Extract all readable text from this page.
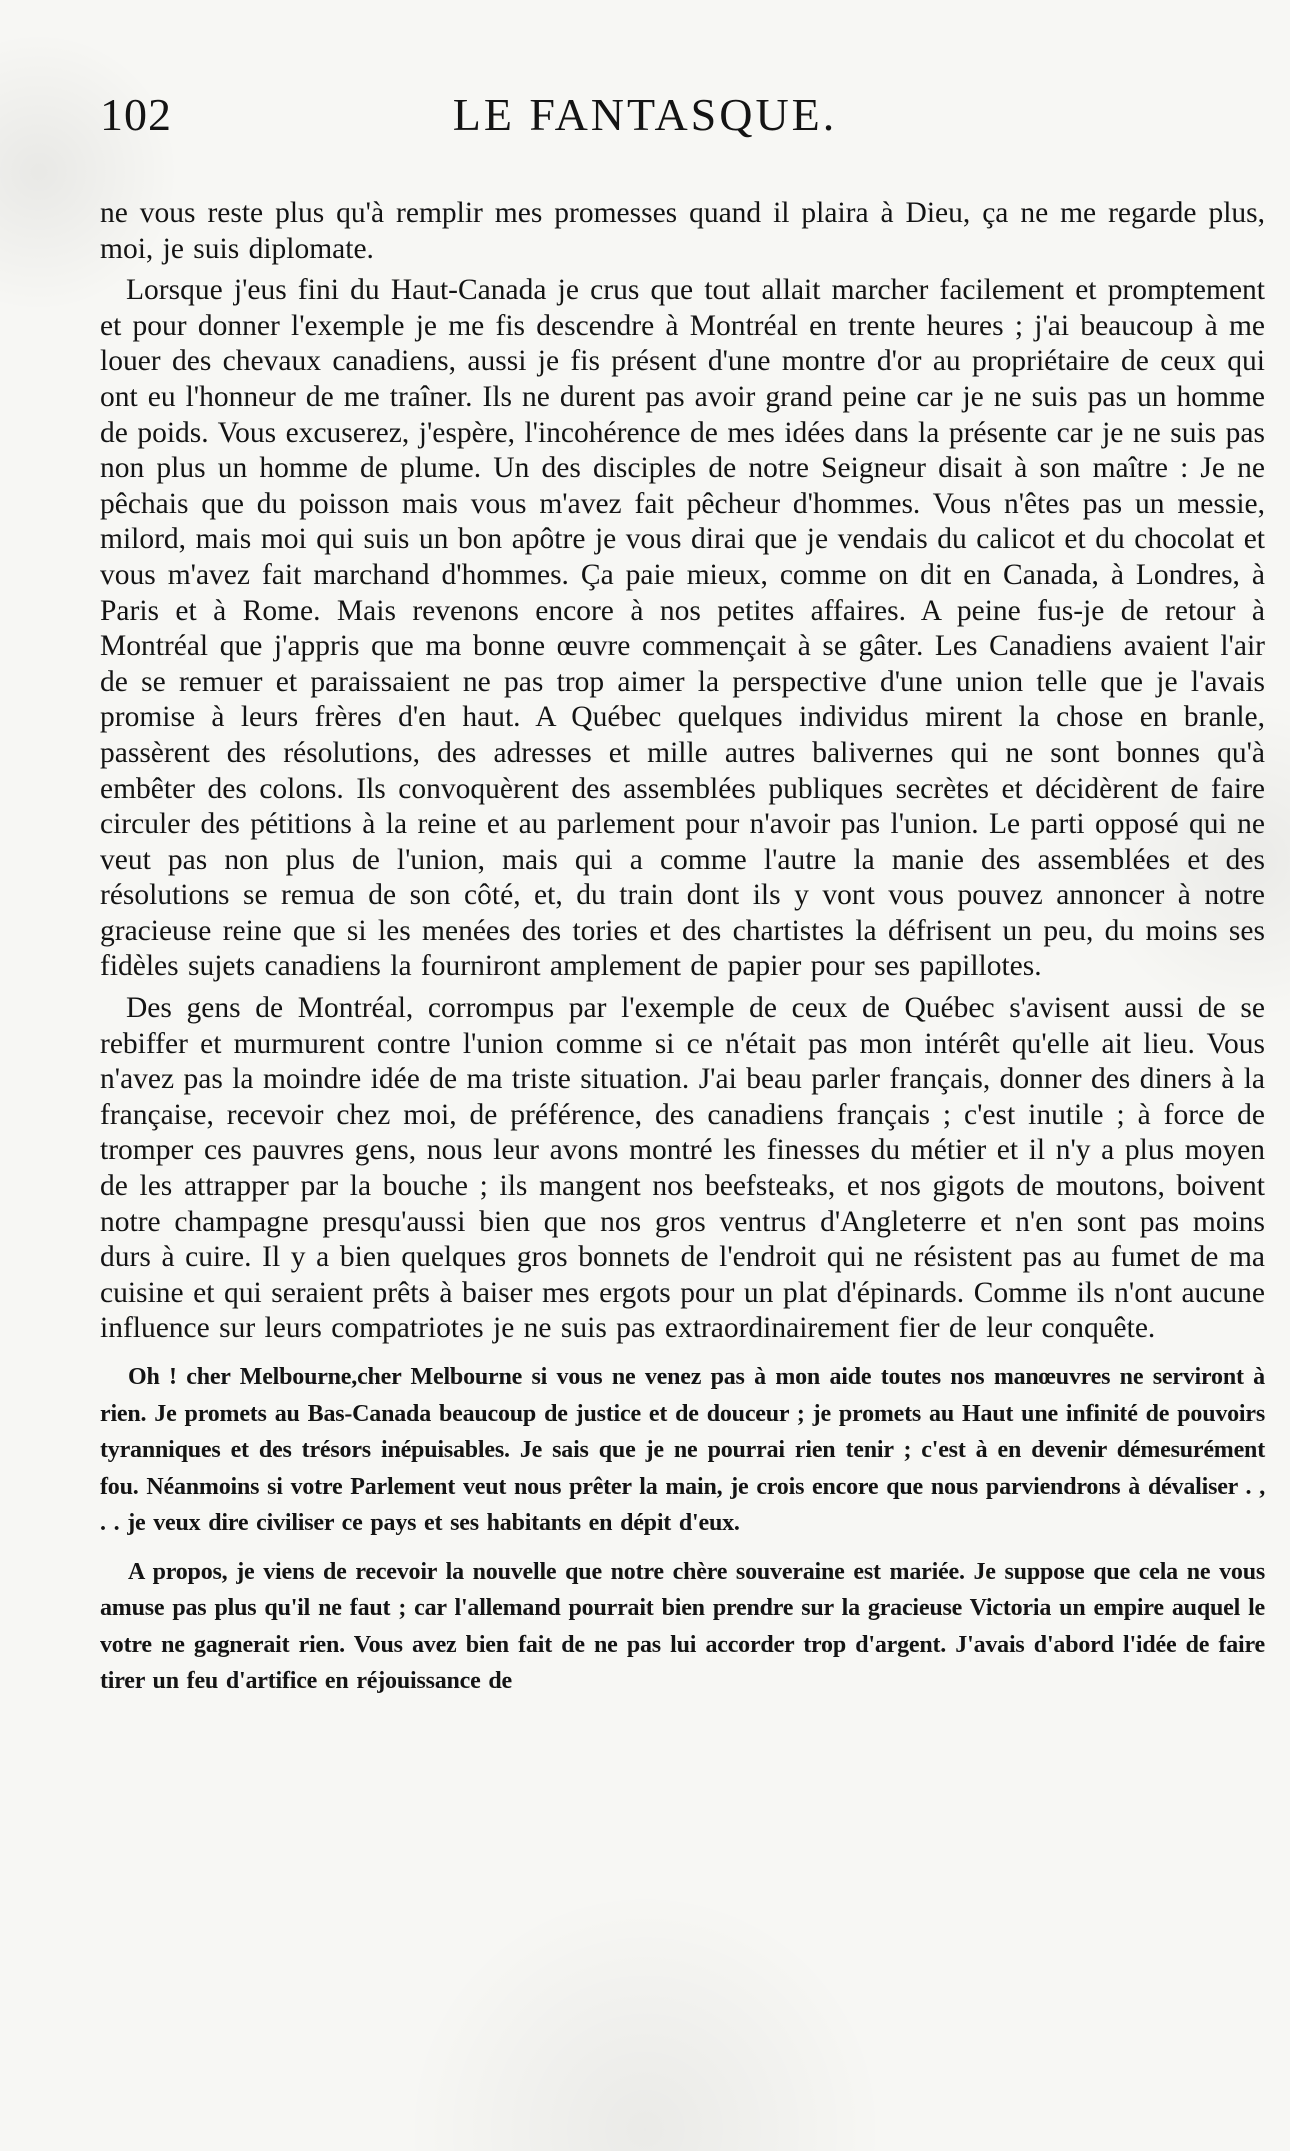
102	LE FANTASQUE.

ne vous reste plus qu'à remplir mes promesses quand il plaira à Dieu, ça ne me regarde plus, moi, je suis diplomate.

Lorsque j'eus fini du Haut-Canada je crus que tout allait marcher facilement et promptement et pour donner l'exemple je me fis descendre à Montréal en trente heures ; j'ai beaucoup à me louer des chevaux canadiens, aussi je fis présent d'une montre d'or au propriétaire de ceux qui ont eu l'honneur de me traîner. Ils ne durent pas avoir grand peine car je ne suis pas un homme de poids. Vous excuserez, j'espère, l'incohérence de mes idées dans la présente car je ne suis pas non plus un homme de plume. Un des disciples de notre Seigneur disait à son maître : Je ne pêchais que du poisson mais vous m'avez fait pêcheur d'hommes. Vous n'êtes pas un messie, milord, mais moi qui suis un bon apôtre je vous dirai que je vendais du calicot et du chocolat et vous m'avez fait marchand d'hommes. Ça paie mieux, comme on dit en Canada, à Londres, à Paris et à Rome. Mais revenons encore à nos petites affaires. A peine fus-je de retour à Montréal que j'appris que ma bonne œuvre commençait à se gâter. Les Canadiens avaient l'air de se remuer et paraissaient ne pas trop aimer la perspective d'une union telle que je l'avais promise à leurs frères d'en haut. A Québec quelques individus mirent la chose en branle, passèrent des résolutions, des adresses et mille autres balivernes qui ne sont bonnes qu'à embêter des colons. Ils convoquèrent des assemblées publiques secrètes et décidèrent de faire circuler des pétitions à la reine et au parlement pour n'avoir pas l'union. Le parti opposé qui ne veut pas non plus de l'union, mais qui a comme l'autre la manie des assemblées et des résolutions se remua de son côté, et, du train dont ils y vont vous pouvez annoncer à notre gracieuse reine que si les menées des tories et des chartistes la défrisent un peu, du moins ses fidèles sujets canadiens la fourniront amplement de papier pour ses papillotes.

Des gens de Montréal, corrompus par l'exemple de ceux de Québec s'avisent aussi de se rebiffer et murmurent contre l'union comme si ce n'était pas mon intérêt qu'elle ait lieu. Vous n'avez pas la moindre idée de ma triste situation. J'ai beau parler français, donner des diners à la française, recevoir chez moi, de préférence, des canadiens français ; c'est inutile ; à force de tromper ces pauvres gens, nous leur avons montré les finesses du métier et il n'y a plus moyen de les attrapper par la bouche ; ils mangent nos beefsteaks, et nos gigots de moutons, boivent notre champagne presqu'aussi bien que nos gros ventrus d'Angleterre et n'en sont pas moins durs à cuire. Il y a bien quelques gros bonnets de l'endroit qui ne résistent pas au fumet de ma cuisine et qui seraient prêts à baiser mes ergots pour un plat d'épinards. Comme ils n'ont aucune influence sur leurs compatriotes je ne suis pas extraordinairement fier de leur conquête.

Oh ! cher Melbourne,cher Melbourne si vous ne venez pas à mon aide toutes nos manœuvres ne serviront à rien. Je promets au Bas-Canada beaucoup de justice et de douceur ; je promets au Haut une infinité de pouvoirs tyranniques et des trésors inépuisables. Je sais que je ne pourrai rien tenir ; c'est à en devenir démesurément fou. Néanmoins si votre Parlement veut nous prêter la main, je crois encore que nous parviendrons à dévaliser . , . . je veux dire civiliser ce pays et ses habitants en dépit d'eux.

A propos, je viens de recevoir la nouvelle que notre chère souveraine est mariée. Je suppose que cela ne vous amuse pas plus qu'il ne faut ; car l'allemand pourrait bien prendre sur la gracieuse Victoria un empire auquel le votre ne gagnerait rien. Vous avez bien fait de ne pas lui accorder trop d'argent. J'avais d'abord l'idée de faire tirer un feu d'artifice en réjouissance de
